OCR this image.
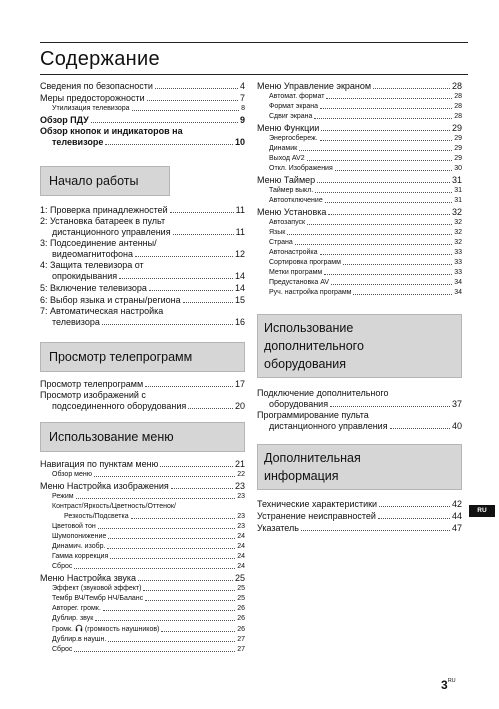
Содержание
Сведения по безопасности	4
Меры предосторожности	7
Утилизация телевизора	8
Обзор ПДУ	9
Обзор кнопок и индикаторов на
телевизоре	10
Начало работы
1: Проверка принадлежностей	11
2: Установка батареек в пульт
дистанционного управления	11
3: Подсоединение антенны/
видеомагнитофона	12
4: Защита телевизора от
опрокидывания	14
5: Включение телевизора	14
6: Выбор языка и страны/региона	15
7: Автоматическая настройка
телевизора	16
Просмотр телепрограмм
Просмотр телепрограмм	17
Просмотр изображений с
подсоединенного оборудования	20
Использование меню
Навигация по пунктам меню	21
Обзор меню	22
Меню Настройка изображения	23
Режим	23
Контраст/Яркость/Цветность/Оттенок/
Резкость/Подсветка	23
Цветовой тон	23
Шумопонижение	24
Динамич. изобр.	24
Гамма коррекция	24
Сброс	24
Меню Настройка звука	25
Эффект (звуковой эффект)	25
Тембр ВЧ/Тембр НЧ/Баланс	25
Авторег. громк.	26
Дублир. звук	26
Громк. (громкость наушников)	26
Дублир.в наушн.	27
Сброс	27
Меню Управление экраном	28
Автомат. формат	28
Формат экрана	28
Сдвиг экрана	28
Меню Функции	29
Энергосбереж.	29
Динамик	29
Выход AV2	29
Откл. Изображения	30
Меню Таймер	31
Таймер выкл.	31
Автоотключение	31
Меню Установка	32
Автозапуск	32
Язык	32
Страна	32
Автонастройка	33
Сортировка программ	33
Метки программ	33
Предустановка AV	34
Руч. настройка программ	34
Использование
дополнительного
оборудования
Подключение дополнительного
оборудования	37
Программирование пульта
дистанционного управления	40
Дополнительная
информация
Технические характеристики	42
Устранение неисправностей	44
Указатель	47
RU
$3^{RU}$
